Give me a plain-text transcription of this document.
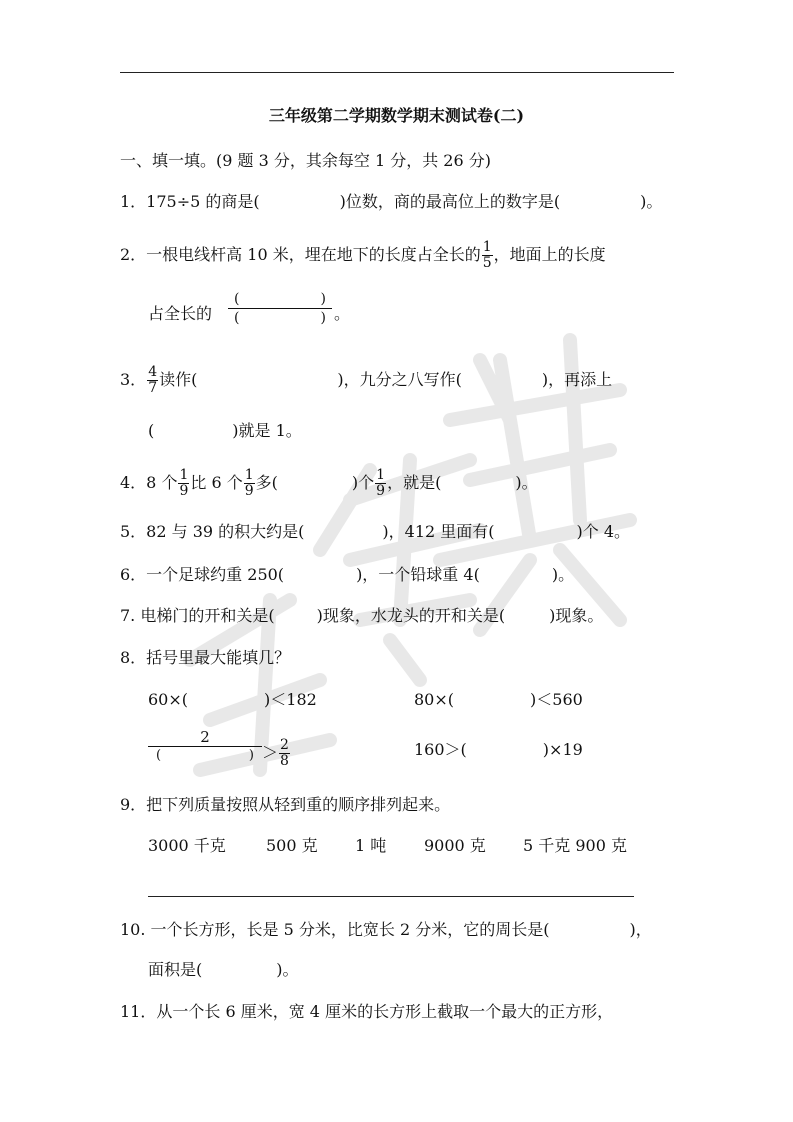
三年级第二学期数学期末测试卷(二)
一、填一填。(9 题 3 分，其余每空 1 分，共 26 分)
1．175÷5 的商是(	)位数，商的最高位上的数字是(	)。
2．一根电线杆高 10 米，埋在地下的长度占全长的 $\frac{1}{5}$ ，地面上的长度
占全长的
(	)
(	) 。
3． $\frac{4}{7}$ 读作(	)，九分之八写作(	)，再添上
(	)就是 1。
4．8 个 $\frac{1}{9}$ 比 6 个 $\frac{1}{9}$ 多(	)个 $\frac{1}{9}$ ，就是(	)。
5．82 与 39 的积大约是(	)，412 里面有(	)个 4。
6．一个足球约重 250(	)，一个铅球重 4(	)。
7. 电梯门的开和关是(	)现象，水龙头的开和关是(	)现象。
8．括号里最大能填几？
60×(	)＜182	80×(	)＜560
2
(	) ＞ $\frac{2}{8}$	160＞(	)×19
9．把下列质量按照从轻到重的顺序排列起来。
3000 千克	500 克 1 吨 9000 克 5 千克 900 克
10. 一个长方形，长是 5 分米，比宽长 2 分米，它的周长是(	)，
面积是(	)。
11．从一个长 6 厘米，宽 4 厘米的长方形上截取一个最大的正方形，
